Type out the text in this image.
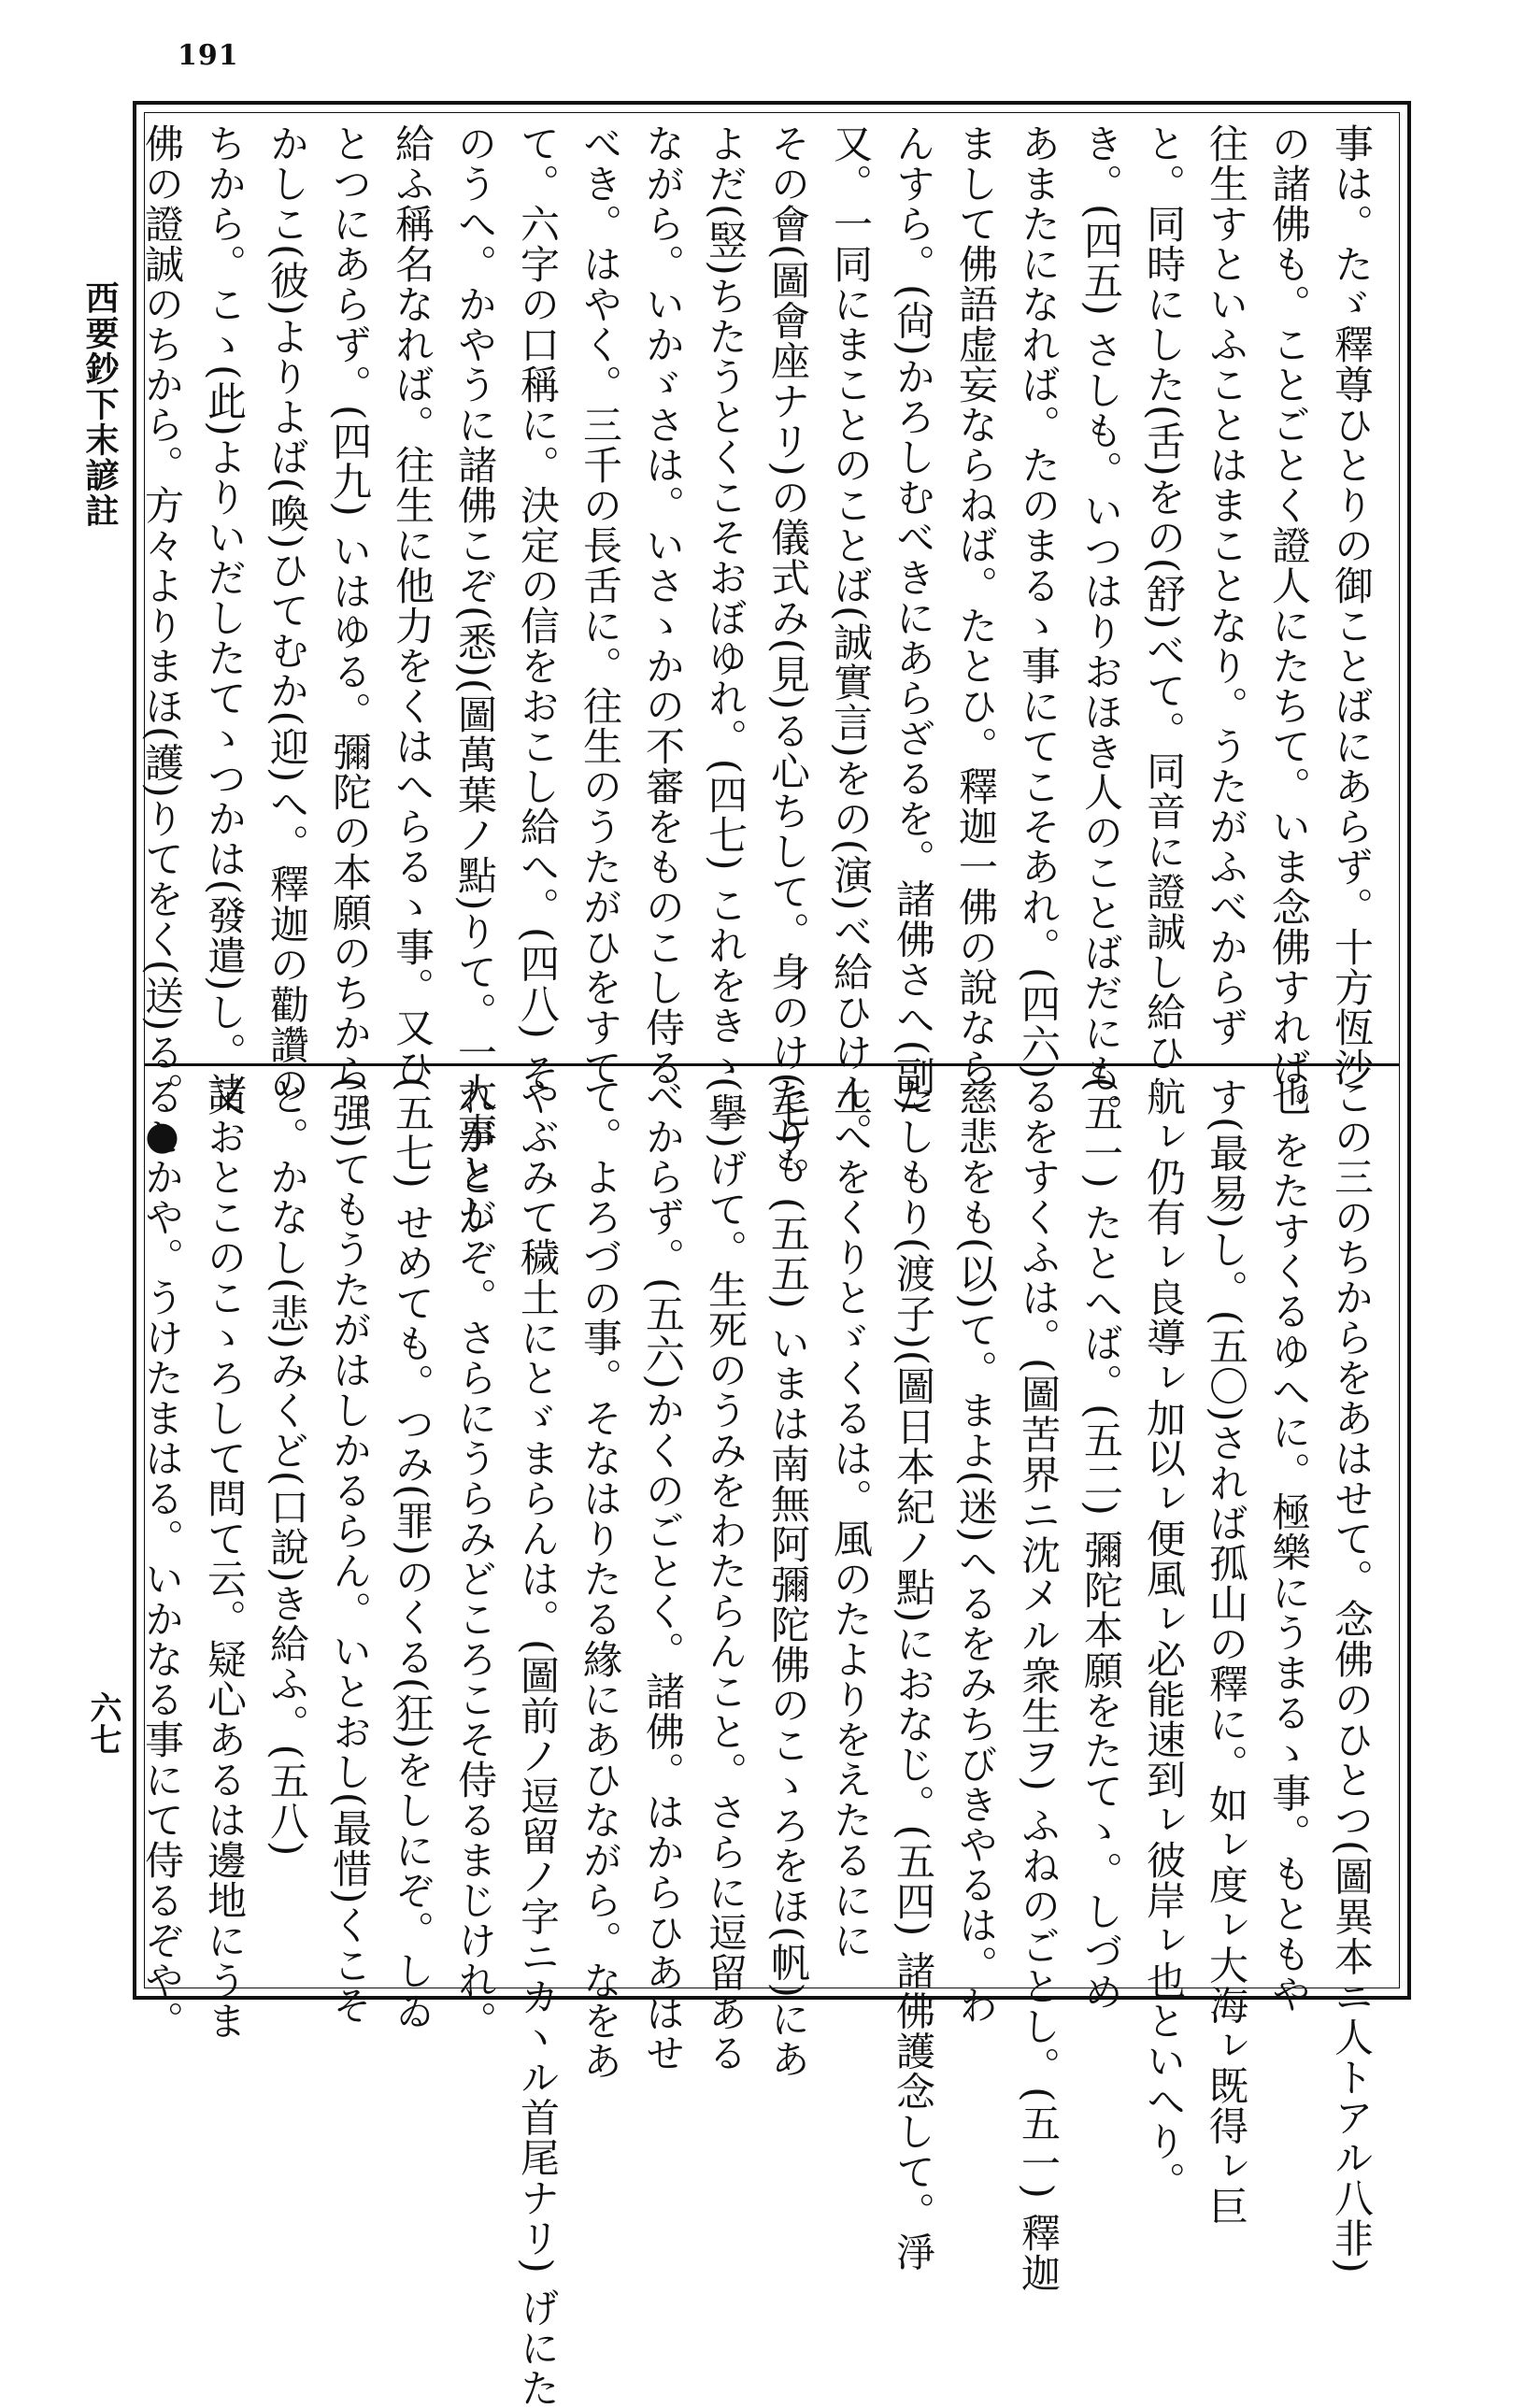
191
西要鈔下末諺註
六七
事は。たゞ釋尊ひとりの御ことばにあらず。十方恆沙
の諸佛も。ことごとく證人にたちて。いま念佛すれば。
往生すといふことはまことなり。うたがふべからず
と。同時にした(舌)をの(舒)べて。同音に證誠し給ひ
き。(四五) さしも。いつはりおほき人のことばだにも。
あまたになれば。たのまるゝ事にてこそあれ。(四六)
まして佛語虚妄ならねば。たとひ。釋迦一佛の說なら
んすら。(尙)かろしむべきにあらざるを。諸佛さへ(副)
又。一同にまことのことば(誠實言)をの(演)べ給ひけん。
その會(圖會座ナリ)の儀式み(見)る心ちして。身のけ(毛)も
よだ(竪)ちたうとくこそおぼゆれ。(四七) これをきゝ
ながら。いかゞさは。いさゝかの不審をものこし侍る
べき。はやく。三千の長舌に。往生のうたがひをすて
て。六字の口稱に。決定の信をおこし給へ。(四八) そ
のうへ。かやうに諸佛こぞ(悉)(圖萬葉ノ點)りて。一大事とし
給ふ稱名なれば。往生に他力をくはへらるゝ事。又ひ
とつにあらず。(四九) いはゆる。彌陀の本願のちから。
かしこ(彼)よりよば(喚)ひてむか(迎)へ。釋迦の勸讚の
ちから。こゝ(此)よりいだしたてゝつかは(發遣)し。諸
佛の證誠のちから。方々よりまほ(護)りてをく(送)る。●
この三のちからをあはせて。念佛のひとつ(圖異本ニ人トアル八非)
也 をたすくるゆへに。極樂にうまるゝ事。もともや
す(最易)し。(五〇)されば孤山の釋に。如ㇾ度ㇾ大海ㇾ既得ㇾ巨
航ㇾ仍有ㇾ良導ㇾ加以ㇾ便風ㇾ必能速到ㇾ彼岸ㇾ也といへり。
(五一) たとへば。(五二) 彌陀本願をたてゝ。しづめ
るをすくふは。(圖苦界ニ沈メル衆生ヲ) ふねのごとし。(五一) 釋迦
慈悲をも(以)て。まよ(迷)へるをみちびきやるは。わ
たしもり(渡子)(圖日本紀ノ點)におなじ。(五四) 諸佛護念して。淨
土へをくりとゞくるは。風のたよりをえたるにに
たり。(五五) いまは南無阿彌陀佛のこゝろをほ(帆)にあ
(擧)げて。生死のうみをわたらんこと。さらに逗留ある
べからず。(五六)かくのごとく。諸佛。はからひあはせ
て。よろづの事。そなはりたる緣にあひながら。なをあ
やぶみて穢土にとゞまらんは。(圖前ノ逗留ノ字ニカヽル首尾ナリ) げにた
れがとがぞ。さらにうらみどころこそ侍るまじけれ。
(五七) せめても。つみ(罪)のくる(狂)をしにぞ。しゐ
(强)てもうたがはしかるらん。いとおし(最惜)くこそ
と。かなし(悲)みくど(口說)き給ふ。(五八)
又おとこのこゝろして問て云。疑心あるは邊地にうま
るとかや。うけたまはる。いかなる事にて侍るぞや。
